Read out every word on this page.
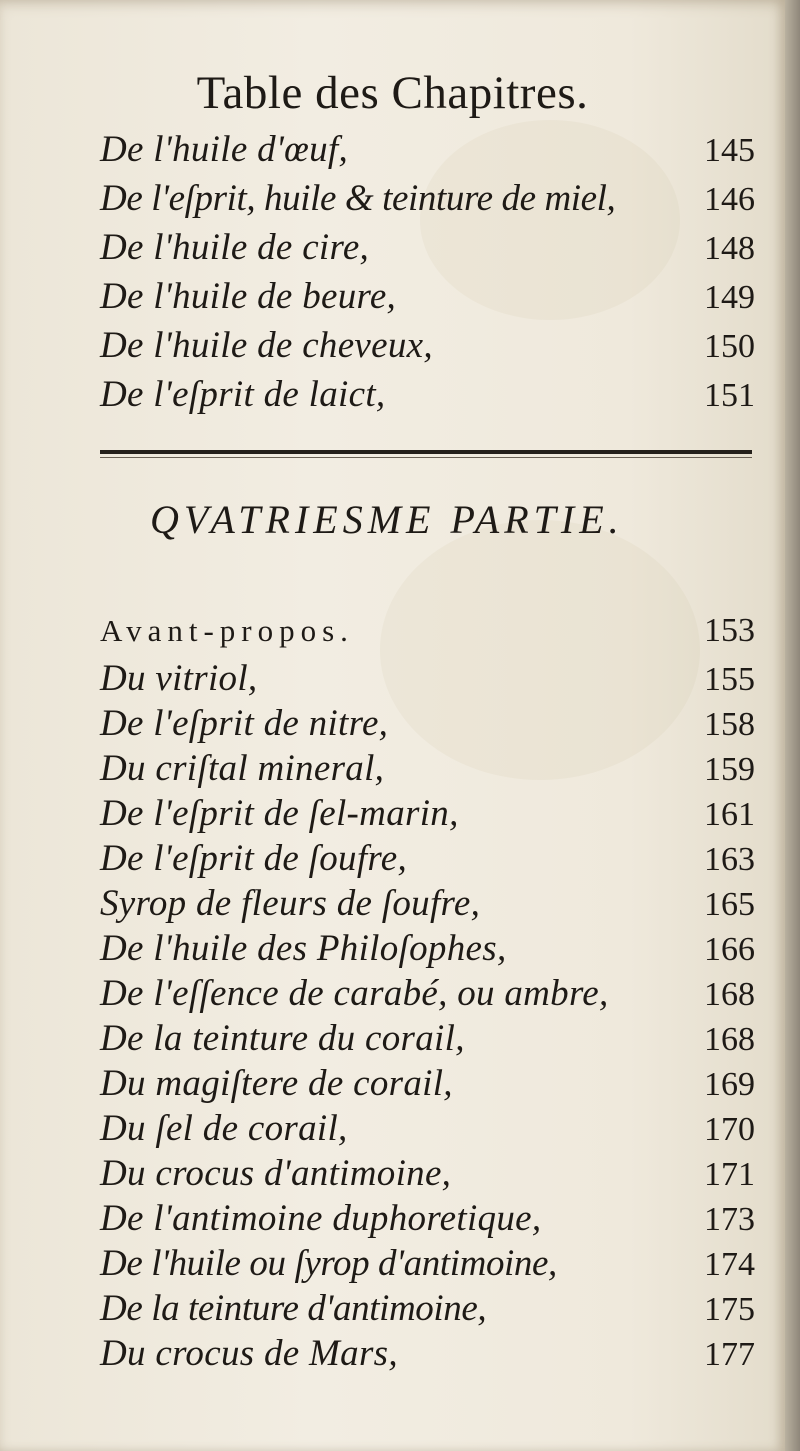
Table des Chapitres.
De l'huile d'œuf,	145
De l'eſprit, huile & teinture de miel,	146
De l'huile de cire,	148
De l'huile de beure,	149
De l'huile de cheveux,	150
De l'eſprit de laict,	151
QVATRIESME PARTIE.
Avant-propos.	153
Du vitriol,	155
De l'eſprit de nitre,	158
Du criſtal mineral,	159
De l'eſprit de ſel-marin,	161
De l'eſprit de ſoufre,	163
Syrop de fleurs de ſoufre,	165
De l'huile des Philoſophes,	166
De l'eſſence de carabé, ou ambre,	168
De la teinture du corail,	168
Du magiſtere de corail,	169
Du ſel de corail,	170
Du crocus d'antimoine,	171
De l'antimoine duphoretique,	173
De l'huile ou ſyrop d'antimoine,	174
De la teinture d'antimoine,	175
Du crocus de Mars,	177
